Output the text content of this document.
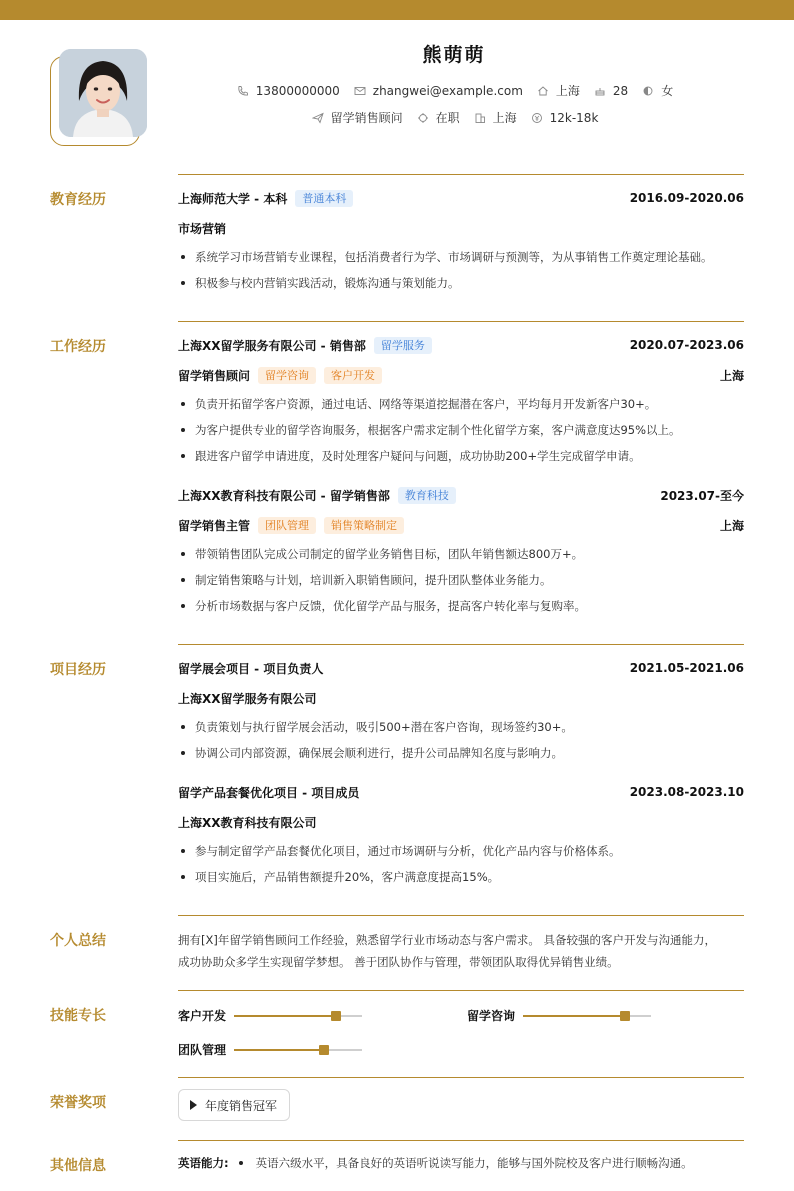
熊萌萌
13800000000	zhangwei@example.com	上海	28	女
留学销售顾问	在职	上海	12k-18k
教育经历	上海师范大学 - 本科	普通本科	2016.09-2020.06
市场营销
系统学习市场营销专业课程，包括消费者行为学、市场调研与预测等，为从事销售工作奠定理论基础。
积极参与校内营销实践活动，锻炼沟通与策划能力。
工作经历	上海XX留学服务有限公司 - 销售部	留学服务	2020.07-2023.06
留学销售顾问	留学咨询	客户开发	上海
负责开拓留学客户资源，通过电话、网络等渠道挖掘潜在客户，平均每月开发新客户30+。
为客户提供专业的留学咨询服务，根据客户需求定制个性化留学方案，客户满意度达95%以上。
跟进客户留学申请进度，及时处理客户疑问与问题，成功协助200+学生完成留学申请。
上海XX教育科技有限公司 - 留学销售部	教育科技	2023.07-至今
留学销售主管	团队管理	销售策略制定	上海
带领销售团队完成公司制定的留学业务销售目标，团队年销售额达800万+。
制定销售策略与计划，培训新入职销售顾问，提升团队整体业务能力。
分析市场数据与客户反馈，优化留学产品与服务，提高客户转化率与复购率。
项目经历	留学展会项目 - 项目负责人	2021.05-2021.06
上海XX留学服务有限公司
负责策划与执行留学展会活动，吸引500+潜在客户咨询，现场签约30+。
协调公司内部资源，确保展会顺利进行，提升公司品牌知名度与影响力。
留学产品套餐优化项目 - 项目成员	2023.08-2023.10
上海XX教育科技有限公司
参与制定留学产品套餐优化项目，通过市场调研与分析，优化产品内容与价格体系。
项目实施后，产品销售额提升20%，客户满意度提高15%。
个人总结	拥有[X]年留学销售顾问工作经验，熟悉留学行业市场动态与客户需求。 具备较强的客户开发与沟通能力，
成功协助众多学生实现留学梦想。 善于团队协作与管理，带领团队取得优异销售业绩。
技能专长	客户开发	留学咨询
团队管理
荣誉奖项	年度销售冠军
其他信息	英语能力: 英语六级水平，具备良好的英语听说读写能力，能够与国外院校及客户进行顺畅沟通。
